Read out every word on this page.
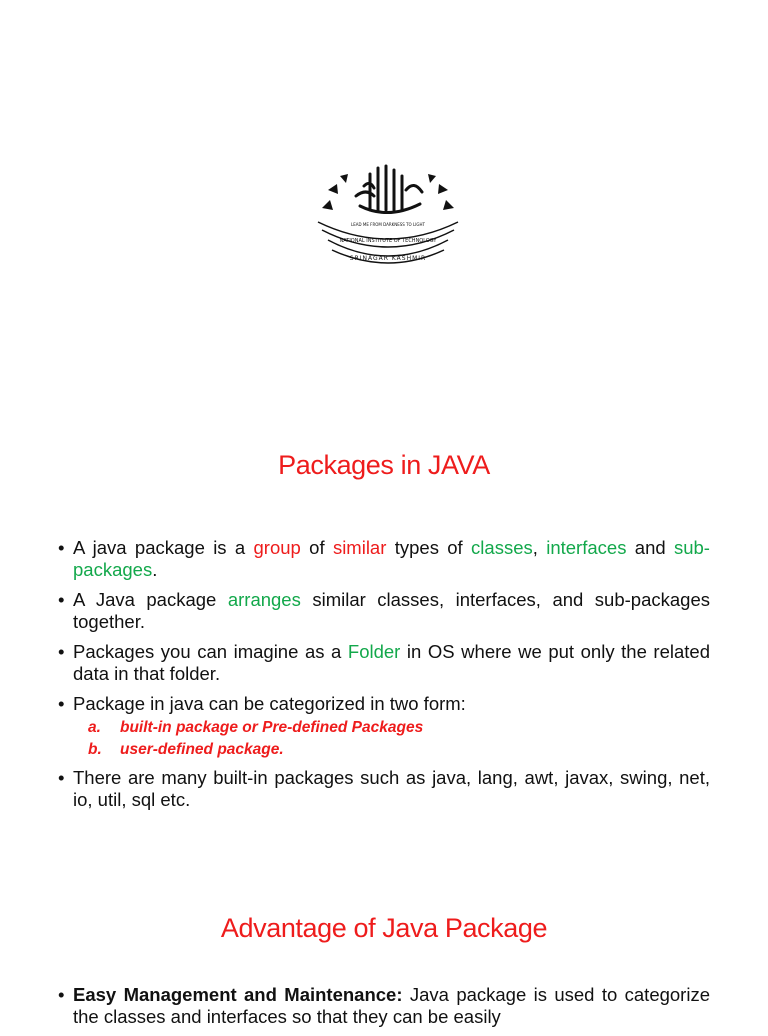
LEAD ME FROM DARKNESS TO LIGHT
NATIONAL INSTITUTE OF TECHNOLOGY
SRINAGAR KASHMIR
Packages in JAVA
• A java package is a group of similar types of classes, interfaces and sub-packages.
• A Java package arranges similar classes, interfaces, and sub-packages together.
• Packages you can imagine as a Folder in OS where we put only the related data in that folder.
• Package in java can be categorized in two form:
a. built-in package or Pre-defined Packages
b. user-defined package.
• There are many built-in packages such as java, lang, awt, javax, swing, net, io, util, sql etc.
Advantage of Java Package
• Easy Management and Maintenance: Java package is used to categorize the classes and interfaces so that they can be easily
